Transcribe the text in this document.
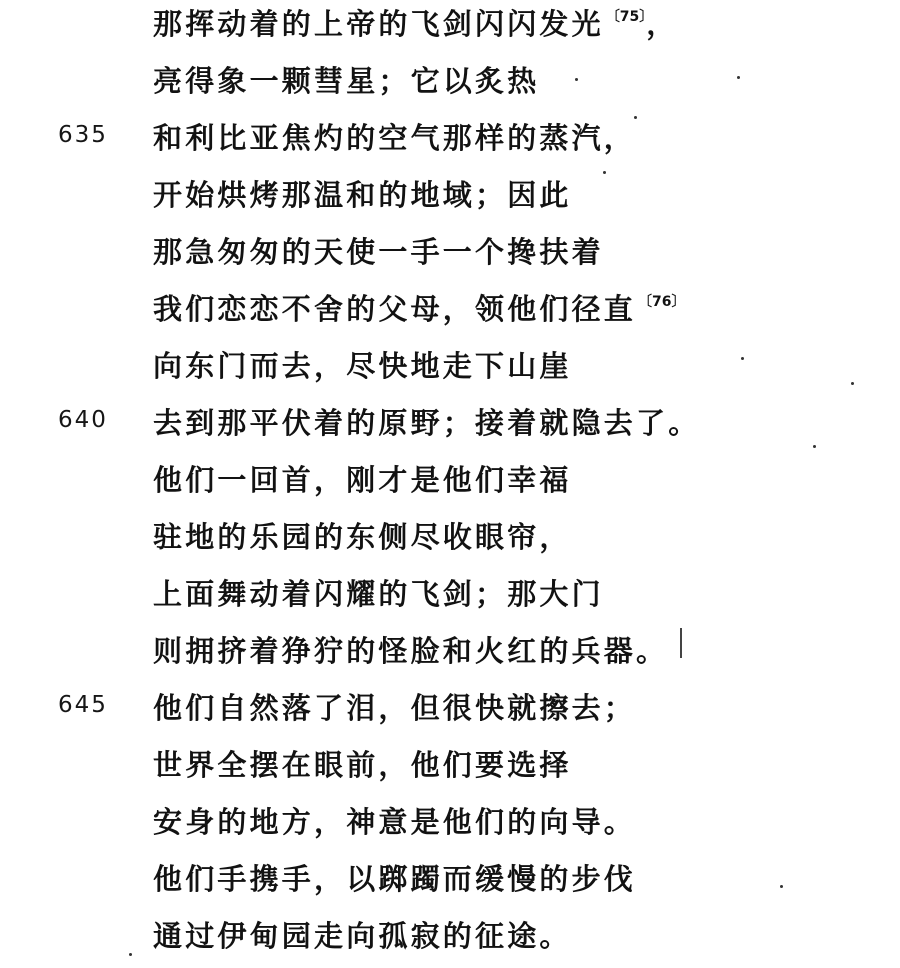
那挥动着的上帝的飞剑闪闪发光 $^{〔75〕}$，
亮得象一颗彗星；它以炙热
635	和利比亚焦灼的空气那样的蒸汽，
开始烘烤那温和的地域；因此
那急匆匆的天使一手一个搀扶着
我们恋恋不舍的父母，领他们径直 $^{〔76〕}$
向东门而去，尽快地走下山崖
640	去到那平伏着的原野；接着就隐去了。
他们一回首，刚才是他们幸福
驻地的乐园的东侧尽收眼帘，
上面舞动着闪耀的飞剑；那大门
则拥挤着狰狞的怪脸和火红的兵器。
645	他们自然落了泪，但很快就擦去；
世界全摆在眼前，他们要选择
安身的地方，神意是他们的向导。
他们手携手，以踯躅而缓慢的步伐
通过伊甸园走向孤寂的征途。
